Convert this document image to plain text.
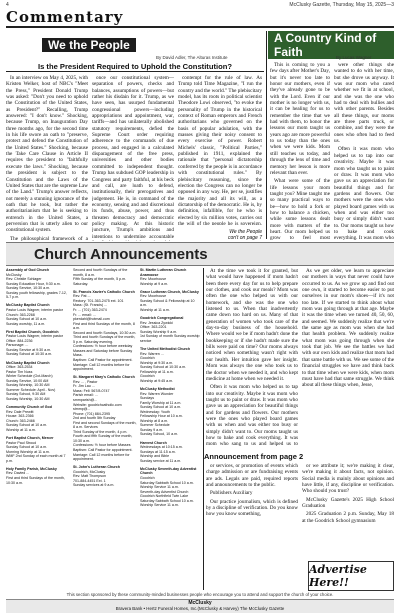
4	McClusky Gazette, Thursday, May 15, 2025—3
Commentary
We the People
By David Adler, The Alturas Institute
A Country Kind of Faith	By Lucas Wagner
Is the President Required to Uphold the Constitution?

In an interview on May 4, 2025, with Kristen Welker, host of NBC's "Meet the Press," President Donald Trump was asked: "Don't you need to uphold the Constitution of the United States, as President?" Recalling, Trump answered: "I don't know." Shocking, because Trump, on Inauguration Day three months ago, for the second time in his life swore an oath to "preserve, protect and defend the Constitution of the United States." Shocking, because the Take Care Clause in Article II requires the president to "faithfully execute the laws." Shocking, because the president is subject to the Constitution and the Laws of the United States that are the supreme Law of the Land." Trump's answer reflects, not merely a stunning ignorance of the oath that he took, but rather the authoritarianism that he is seeking to entrench in the United States, a perversion that is utterly alien to our constitutional system.

The philosophical framework of a

once our constitutional system—separation of powers, checks and balances, assumptions of powers—but rather his disdain for it. Trump, as we have seen, has usurped fundamental congressional powers—including appropriations and appointment, war, tariffs—and has unilaterally abolished statutory requirements, defied the Supreme Court order requiring adherence to the commands of due process, and engaged in a calculated disparagement of the free press, universities and other bodies committed to independent thought. Trump has subdued GOP leadership in Congress and party faithful, at his beck and call, are loath to defend, institutionally, their prerogatives and judgement. He is, in command of the economy, sensing and and discretional its funds, abuse, power, and thus threaten democracy and democratic policy making. At this historic juncture, Trump's ambitions and intentions to undermine accountable

contempt for the rule of law. As Trump told Time Magazine, "I run the country and the world." The plebiscitary model, has its roots in political scientist Theodore Lowi observed, "to evoke the personality of Trump in the historical context of Roman emperors and French authoritarians who governed on the basis of popular adulation, with the masses giving their noisy consent to every exercise of power. Robert Michels' classic, "Political Parties," published in 1911, explained the rationale that "personal dictatorship conferred by the people is in accordance with constitutional rules." By plebiscitary reasoning, since the election the Congress can no longer be opposed in any way. He, per se, justifies the majority and all its will, as a dictatorship of the democratic. He is, by definition, infallible, for he who is elected by six million votes, carries out the will of the people he is sovereign,

We the People
con't on page 7

This is coming to you a few days after Mother's Day, but it's never too late to honor our mothers, even if they've already gone to be with the Lord. Even if our mother is no longer with us, it can be healing for us to remember the time that we had with them, to honor the lessons our mom taught us years ago are more powerful to us today than the ones when we were kids. Mom still teaches us today, and through the lens of time and memory her lesson is more relevant than ever.

What were some of the life lessons your mom taught you? Mine taught me so many practical ways to be—how to hold a fork or how to balance a chicken, while some lessons dealt more with matters of the heart. Our mom helped us grow to feel most

were other things she wanted to do with her time, but she drove us anyway. It was our mom who cared whether we fit in at school, and she was the one who had to deal with bullies and with other parents. Besides all these things, our moms are three parts truck, or combine, and they were the ones who often had to feed us.

Often it was mom who helped us to tap into our creativity. Maybe it was mom who taught us to paint or draw. It was mom who gave us an appreciation for beautiful things and for gardens and flowers. Our mothers were the ones who played board games with us when and was either too busy or simply didn't want to. Our moms taught us how to bake and cook everything. It was mom who

Church Announcements
Assembly of God Church
McClusky
Rev. Christie Schlager
Sunday Education Hour, 9:30 a.m.
Sunday Service, 10:30 a.m.
Sunday youth fellowship, grades 7-12, 5-7 p.m.
McClusky Baptist Church
Pastor Louis Wagner, interim pastor
Church: 363-2268
Sunday School at 10 a.m.
Sunday worship, 11 a.m.
First Baptist Church, Goodrich
Pastor Louis Wagner, interim pastor
Office: 884-2236
Parsonage: ...
Sunday Service at 9:30 a.m.
Sunday School at 10:30 a.m.
McClusky Baptist Church
Office: 363-2534
Pastor Tim Nuss
Winter Schedule (Oct-March)
Sunday Service, 10:00 AM
Sunday Worship, 10:30 AM
Summer Schedule: April - Nov)
Sunday School, 9:30 AM
Sunday Worship, 10:30 AM
Community Church of God
Rev. Dale Prewitt
House: 363-2366
Church: 363-2466
Sunday School at 10 a.m.
Worship at 11 a.m.
Fort Baptist Church, Mercer
Pastor Paul Stroud
Sunday School at 10 a.m.
Morning Worship at 11 a.m.
WMF 2nd Sunday of each month at 7 p.m.
Holy Family Parish, McClusky
Rev. Davied ...
First and third Sundays of the month, 10:30 a.m.
Second and fourth Sundays of the month, 8 a.m.
Fifth Sunday of the month, 5 p.m. Saturday.
St. Francis Xavier's Catholic Church
Rev. Pat ...
Rectory: 701-363-2475 ext. 101
Mass: (St. Francis) ...
Fr. ... (701) 363-2474
Fr. ... email: ...
pkerdahl@hotmail.com
First and third Sundays of the month, 8 a.m.
Second and fourth Sundays, 10:30 a.m.
Third and fourth Sundays of the month, 5 p.m. Saturday evening.
Confessions: ½ hour before weekday Masses and Saturday before Sunday Mass.
Baptism: Call Pastor for appointment.
Marriage: Call 12 months before for appointment.
St. Margaret Mary's Catholic Church
Rev. ... , Pastor
Fr. Jim Lau ...
Mass: Fell: 567/8-0747
Parish email: ...
smmparish@...
Website: goodrichcatholic.com
stmmp@...
Phone: (701) 884-2395
2nd and fourth 5th Sunday
First and second Sundays of the month, 8 a.m. Services
Third Sunday of the month, 4 p.m.
Fourth and fifth Sunday of the month, 10:30 a.m.
Confessions: ½ hour before Masses
Baptism: Call Pastor for appointment.
Marriage: Call 12 months before for appointment.
St. John's Lutheran Church
Goodrich, McClusky
Rev. Matt Thompson
701-884-4451 Ext. 1
Sunday services at 9 a.m.
St. Martin Lutheran Church Anamoose
Rev. Moorhouse
Worship at 9 a.m.
Grace Lutheran Church, McClusky
Rev. Moorhouse
Sunday School & Fellowship at 10 a.m.
Worship at 11 a.m.
Goodrich Congregational
Rev. Jessica Zywicki
Office: 363-2201
Sunday Worship 9 a.m.
1st Sunday of month Sunday worship service
The United Methodist Church
Rev. Warren ...
Goodrich
Worship at 9:30 a.m.
Sunday School at 10:30 a.m.
Fellowship at 11 a.m.
Goodrich
Worship at 9:45 a.m.
McClusky Methodist
Rev. Warren Wunder
Sundays
Family Worship at 11 a.m.
Sunday School at 10 a.m.
Wednesday: Youth
Fellowship Hour at 10 a.m.
Worship at 8 a.m.
Summer Schedule
Sunday 9 a.m.
Sunday School, 10 a.m.
Harvest Church
Wednesdays at 10:15 a.m.
Sundays at 11:15 a.m.
Worship and Bible
Sunday service at 11 a.m.
McClusky Seventh-day Adventist Church
Goodrich
Saturday Sabbath School 10 a.m.
Worship Service 11 a.m.
Seventh-day Adventist Church
Goodrich Northfield Twin Lake
Saturday Sabbath School 10 a.m.
Worship Service 11 a.m.

At the time we took it for granted, but what would have happened if mom hadn't been there every day for us to help prepare our clothes, and cook our meals? Mom was often the one who helped us with our homework, and she was the one who listened to us. When that inadvertently came down too hard on us. Many of that generation of women who took care of the day-to-day business of the household. Where would we be if mom hadn't done the bookkeeping or if she hadn't made sure the bills were paid on time? Our moms always noticed when something wasn't right with our health. Her intuition gave her insight. Mom was always the one who took us to the doctor when we needed it, and who kept medicine at home when we needed it.

Often it was mom who helped us to tap into our creativity. Maybe it was mom who taught us to paint or draw. It was mom who gave us an appreciation for beautiful things and for gardens and flowers. Our mothers were the ones who played board games with us when and was either too busy or simply didn't want to. Our moms taught us how to bake and cook everything. It was mom who sang to us and helped us to

As we get older, we learn to appreciate our mothers in ways that never could have occurred to us. As we grow up and find out one own, it started to become easier to put ourselves in our mom's shoes—if it's not too late. If we started to think about what mom was going through at that age. Maybe it was the time when we turned 40, 50, 60, and seemed. We suddenly realize that we're the same age as mom was when she had that health problem. We suddenly realize what mom was going through when she took that job. We see the battles we had with our own kids and realize that mom had that same battle with us. We see some of the financial struggles we have and think back to that time when we were kids, when mom must have had that same struggle. We think about all these things when, Jesse,

Announcement from page 2

or services, or promotion of events which charge admission or are fundraising events are ads. Legals are paid, required reports and announcements to the public.

Publishers Auxiliary

Our practice journalism, which is defined by a discipline of verification. Do you know how you know something,

or we attribute it; we're making it clear, we're making it about facts, not opinion. Social media is mainly about opinions and have little, if any, discipline or verification. Who should you trust?

McClusky Gazette's 2025 High School Graduation

2025 Graduation 2 p.m. Sunday, May 18 at the Goodrich School gymnasium

Advertise Here!!
This section sponsored by these community-minded businesses people who encourage you to attend and support the church of your choice.
McClusky
Bravera Bank • Hertz Funeral Homes, Inc.(McClusky & Harvey) The McClusky Gazette
